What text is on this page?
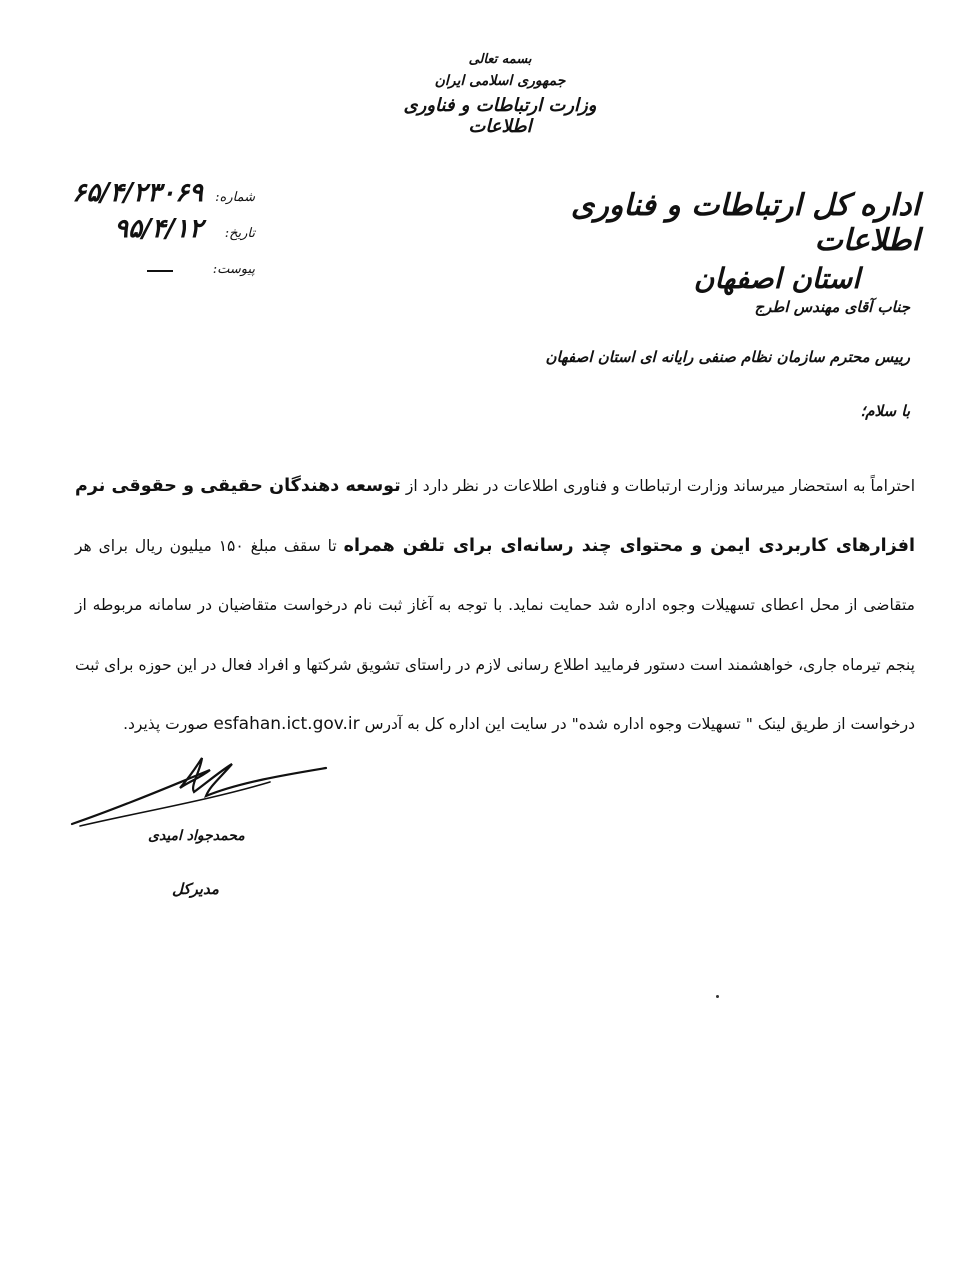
بسمه تعالی
جمهوری اسلامی ایران
وزارت ارتباطات و فناوری اطلاعات
اداره کل ارتباطات و فناوری اطلاعات
استان اصفهان
شماره:
۶۵/۴/۲۳۰۶۹
تاریخ:
۹۵/۴/۱۲
پیوست:
جناب آقای مهندس اطرج
رییس محترم سازمان نظام صنفی رایانه ای استان اصفهان
با سلام؛
احتراماً به استحضار میرساند وزارت ارتباطات و فناوری اطلاعات در نظر دارد از توسعه دهندگان حقیقی و حقوقی نرم افزارهای کاربردی ایمن و محتوای چند رسانه‌ای برای تلفن همراه تا سقف مبلغ ۱۵۰ میلیون ریال برای هر متقاضی از محل اعطای تسهیلات وجوه اداره شد حمایت نماید. با توجه به آغاز ثبت نام درخواست متقاضیان در سامانه مربوطه از پنجم تیرماه جاری، خواهشمند است دستور فرمایید اطلاع رسانی لازم در راستای تشویق شرکتها و افراد فعال در این حوزه برای ثبت درخواست از طریق لینک " تسهیلات وجوه اداره شده" در سایت این اداره کل به آدرس esfahan.ict.gov.ir صورت پذیرد.
محمدجواد امیدی
مدیرکل
